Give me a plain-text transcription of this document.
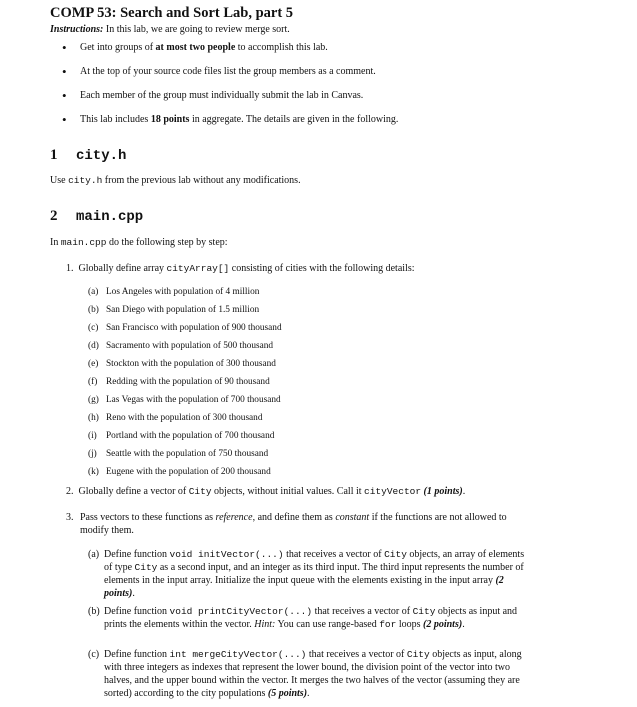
COMP 53: Search and Sort Lab, part 5
Instructions: In this lab, we are going to review merge sort.
• Get into groups of at most two people to accomplish this lab.
• At the top of your source code files list the group members as a comment.
• Each member of the group must individually submit the lab in Canvas.
• This lab includes 18 points in aggregate. The details are given in the following.
1 city.h
Use city.h from the previous lab without any modifications.
2 main.cpp
In main.cpp do the following step by step:
1. Globally define array cityArray[] consisting of cities with the following details:
(a) Los Angeles with population of 4 million
(b) San Diego with population of 1.5 million
(c) San Francisco with population of 900 thousand
(d) Sacramento with population of 500 thousand
(e) Stockton with the population of 300 thousand
(f) Redding with the population of 90 thousand
(g) Las Vegas with the population of 700 thousand
(h) Reno with the population of 300 thousand
(i) Portland with the population of 700 thousand
(j) Seattle with the population of 750 thousand
(k) Eugene with the population of 200 thousand
2. Globally define a vector of City objects, without initial values. Call it cityVector (1 points).
3. Pass vectors to these functions as reference, and define them as constant if the functions are not allowed to modify them.
(a) Define function void initVector(...) that receives a vector of City objects, an array of elements of type City as a second input, and an integer as its third input. The third input represents the number of elements in the input array. Initialize the input queue with the elements existing in the input array (2 points).
(b) Define function void printCityVector(...) that receives a vector of City objects as input and prints the elements within the vector. Hint: You can use range-based for loops (2 points).
(c) Define function int mergeCityVector(...) that receives a vector of City objects as input, along with three integers as indexes that represent the lower bound, the division point of the vector into two halves, and the upper bound within the vector. It merges the two halves of the vector (assuming they are sorted) according to the city populations (5 points).
